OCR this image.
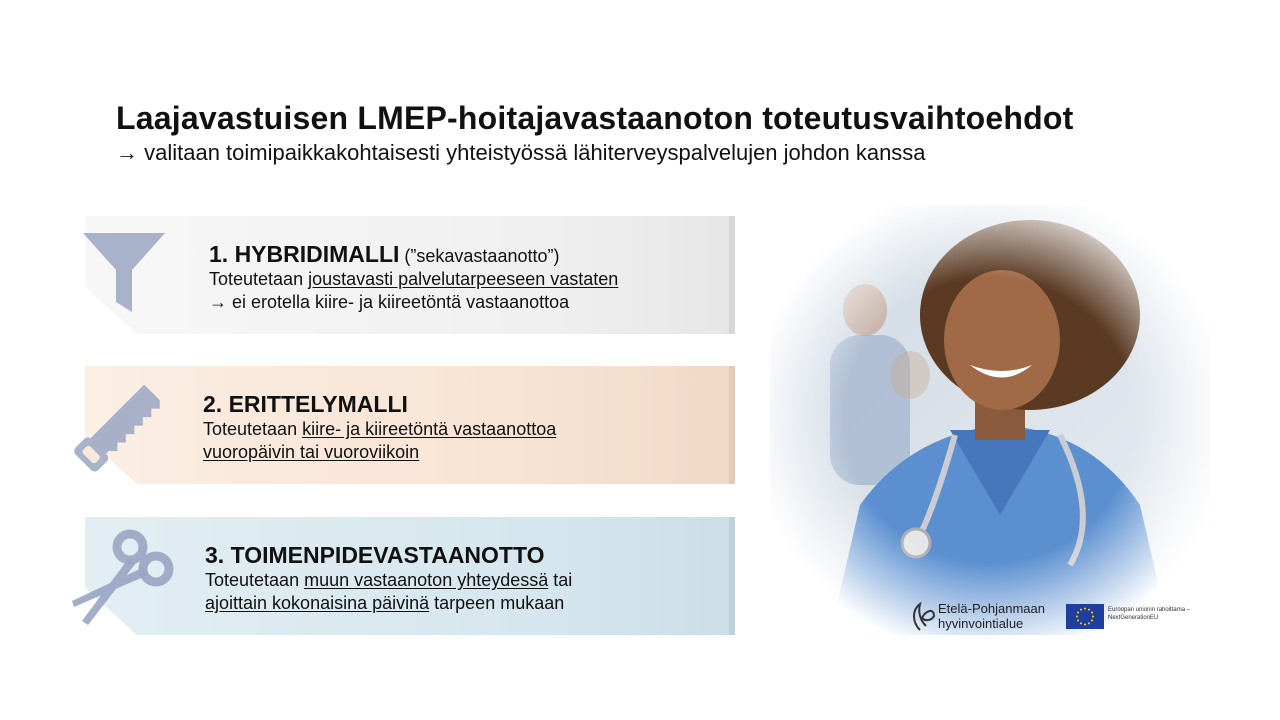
Laajavastuisen LMEP-hoitajavastaanoton toteutusvaihtoehdot
→ valitaan toimipaikkakohtaisesti yhteistyössä lähiterveyspalvelujen johdon kanssa
1. HYBRIDIMALLI (”sekavastaanotto”)
Toteutetaan joustavasti palvelutarpeeseen vastaten
→ ei erotella kiire- ja kiireetöntä vastaanottoa
2. ERITTELYMALLI
Toteutetaan kiire- ja kiireetöntä vastaanottoa
vuoropäivin tai vuoroviikoin
3. TOIMENPIDEVASTAANOTTO
Toteutetaan muun vastaanoton yhteydessä tai
ajoittain kokonaisina päivinä tarpeen mukaan	Etelä-Pohjanmaan
hyvinvointialue
Euroopan unionin rahoittama –
NextGenerationEU
